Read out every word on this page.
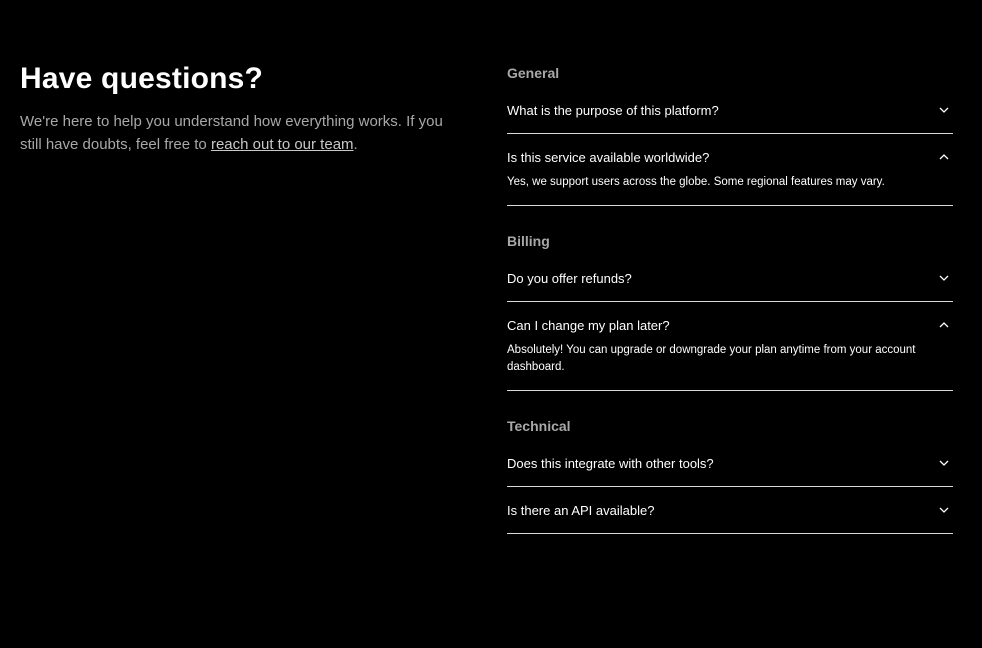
Have questions?

We're here to help you understand how everything works. If you still have doubts, feel free to reach out to our team.

General
What is the purpose of this platform?
Is this service available worldwide?
Yes, we support users across the globe. Some regional features may vary.
Billing
Do you offer refunds?
Can I change my plan later?
Absolutely! You can upgrade or downgrade your plan anytime from your account dashboard.
Technical
Does this integrate with other tools?
Is there an API available?
